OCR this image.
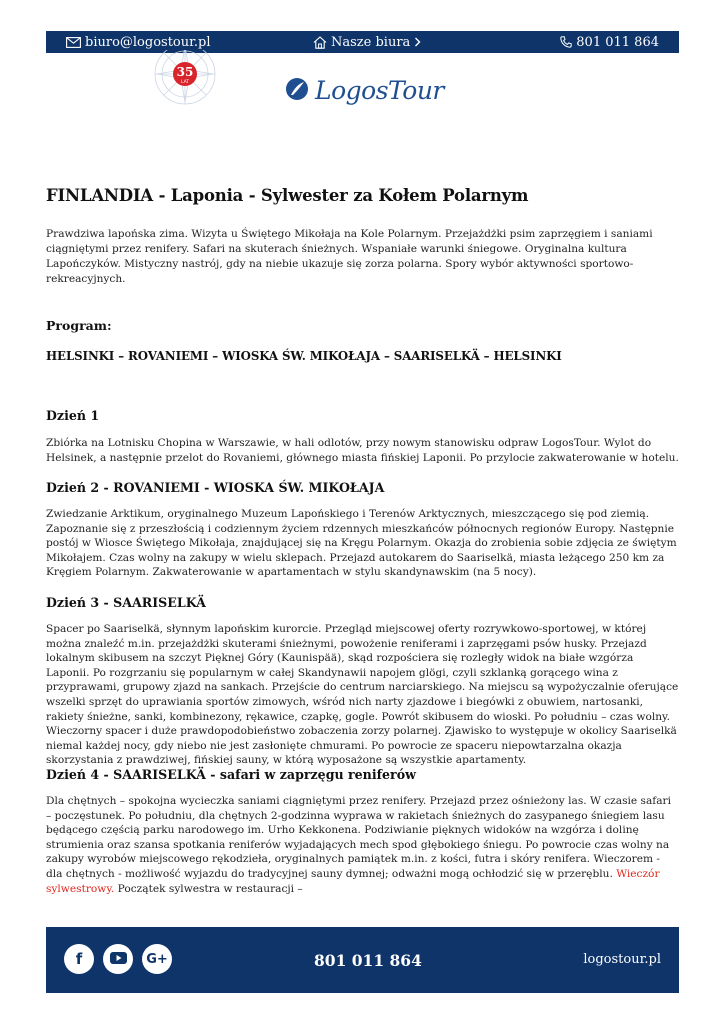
biuro@logostour.pl	Nasze biura	801 011 864
35
LAT	LogosTour
FINLANDIA - Laponia - Sylwester za Kołem Polarnym

Prawdziwa lapońska zima. Wizyta u Świętego Mikołaja na Kole Polarnym. Przejażdżki psim zaprzęgiem i saniami ciągniętymi przez renifery. Safari na skuterach śnieżnych. Wspaniałe warunki śniegowe. Oryginalna kultura Lapończyków. Mistyczny nastrój, gdy na niebie ukazuje się zorza polarna. Spory wybór aktywności sportowo-rekreacyjnych.

Program:
HELSINKI – ROVANIEMI – WIOSKA ŚW. MIKOŁAJA – SAARISELKÄ – HELSINKI
Dzień 1

Zbiórka na Lotnisku Chopina w Warszawie, w hali odlotów, przy nowym stanowisku odpraw LogosTour. Wylot do Helsinek, a następnie przelot do Rovaniemi, głównego miasta fińskiej Laponii. Po przylocie zakwaterowanie w hotelu.

Dzień 2 - ROVANIEMI - WIOSKA ŚW. MIKOŁAJA

Zwiedzanie Arktikum, oryginalnego Muzeum Lapońskiego i Terenów Arktycznych, mieszczącego się pod ziemią. Zapoznanie się z przeszłością i codziennym życiem rdzennych mieszkańców północnych regionów Europy. Następnie postój w Wiosce Świętego Mikołaja, znajdującej się na Kręgu Polarnym. Okazja do zrobienia sobie zdjęcia ze świętym Mikołajem. Czas wolny na zakupy w wielu sklepach. Przejazd autokarem do Saariselkä, miasta leżącego 250 km za Kręgiem Polarnym. Zakwaterowanie w apartamentach w stylu skandynawskim (na 5 nocy).

Dzień 3 - SAARISELKÄ

Spacer po Saariselkä, słynnym lapońskim kurorcie. Przegląd miejscowej oferty rozrywkowo-sportowej, w której można znaleźć m.in. przejażdżki skuterami śnieżnymi, powożenie reniferami i zaprzęgami psów husky. Przejazd lokalnym skibusem na szczyt Pięknej Góry (Kaunispää), skąd rozpościera się rozległy widok na białe wzgórza Laponii. Po rozgrzaniu się popularnym w całej Skandynawii napojem glögi, czyli szklanką gorącego wina z przyprawami, grupowy zjazd na sankach. Przejście do centrum narciarskiego. Na miejscu są wypożyczalnie oferujące wszelki sprzęt do uprawiania sportów zimowych, wśród nich narty zjazdowe i biegówki z obuwiem, nartosanki, rakiety śnieżne, sanki, kombinezony, rękawice, czapkę, gogle. Powrót skibusem do wioski. Po południu – czas wolny. Wieczorny spacer i duże prawdopodobieństwo zobaczenia zorzy polarnej. Zjawisko to występuje w okolicy Saariselkä niemal każdej nocy, gdy niebo nie jest zasłonięte chmurami. Po powrocie ze spaceru niepowtarzalna okazja skorzystania z prawdziwej, fińskiej sauny, w którą wyposażone są wszystkie apartamenty.

Dzień 4 - SAARISELKÄ - safari w zaprzęgu reniferów

Dla chętnych – spokojna wycieczka saniami ciągniętymi przez renifery. Przejazd przez ośnieżony las. W czasie safari – poczęstunek. Po południu, dla chętnych 2-godzinna wyprawa w rakietach śnieżnych do zasypanego śniegiem lasu będącego częścią parku narodowego im. Urho Kekkonena. Podziwianie pięknych widoków na wzgórza i dolinę strumienia oraz szansa spotkania reniferów wyjadających mech spod głębokiego śniegu. Po powrocie czas wolny na zakupy wyrobów miejscowego rękodzieła, oryginalnych pamiątek m.in. z kości, futra i skóry renifera. Wieczorem - dla chętnych - możliwość wyjazdu do tradycyjnej sauny dymnej; odważni mogą ochłodzić się w przeręblu. Wieczór sylwestrowy. Początek sylwestra w restauracji –

f	G+	801 011 864	logostour.pl
